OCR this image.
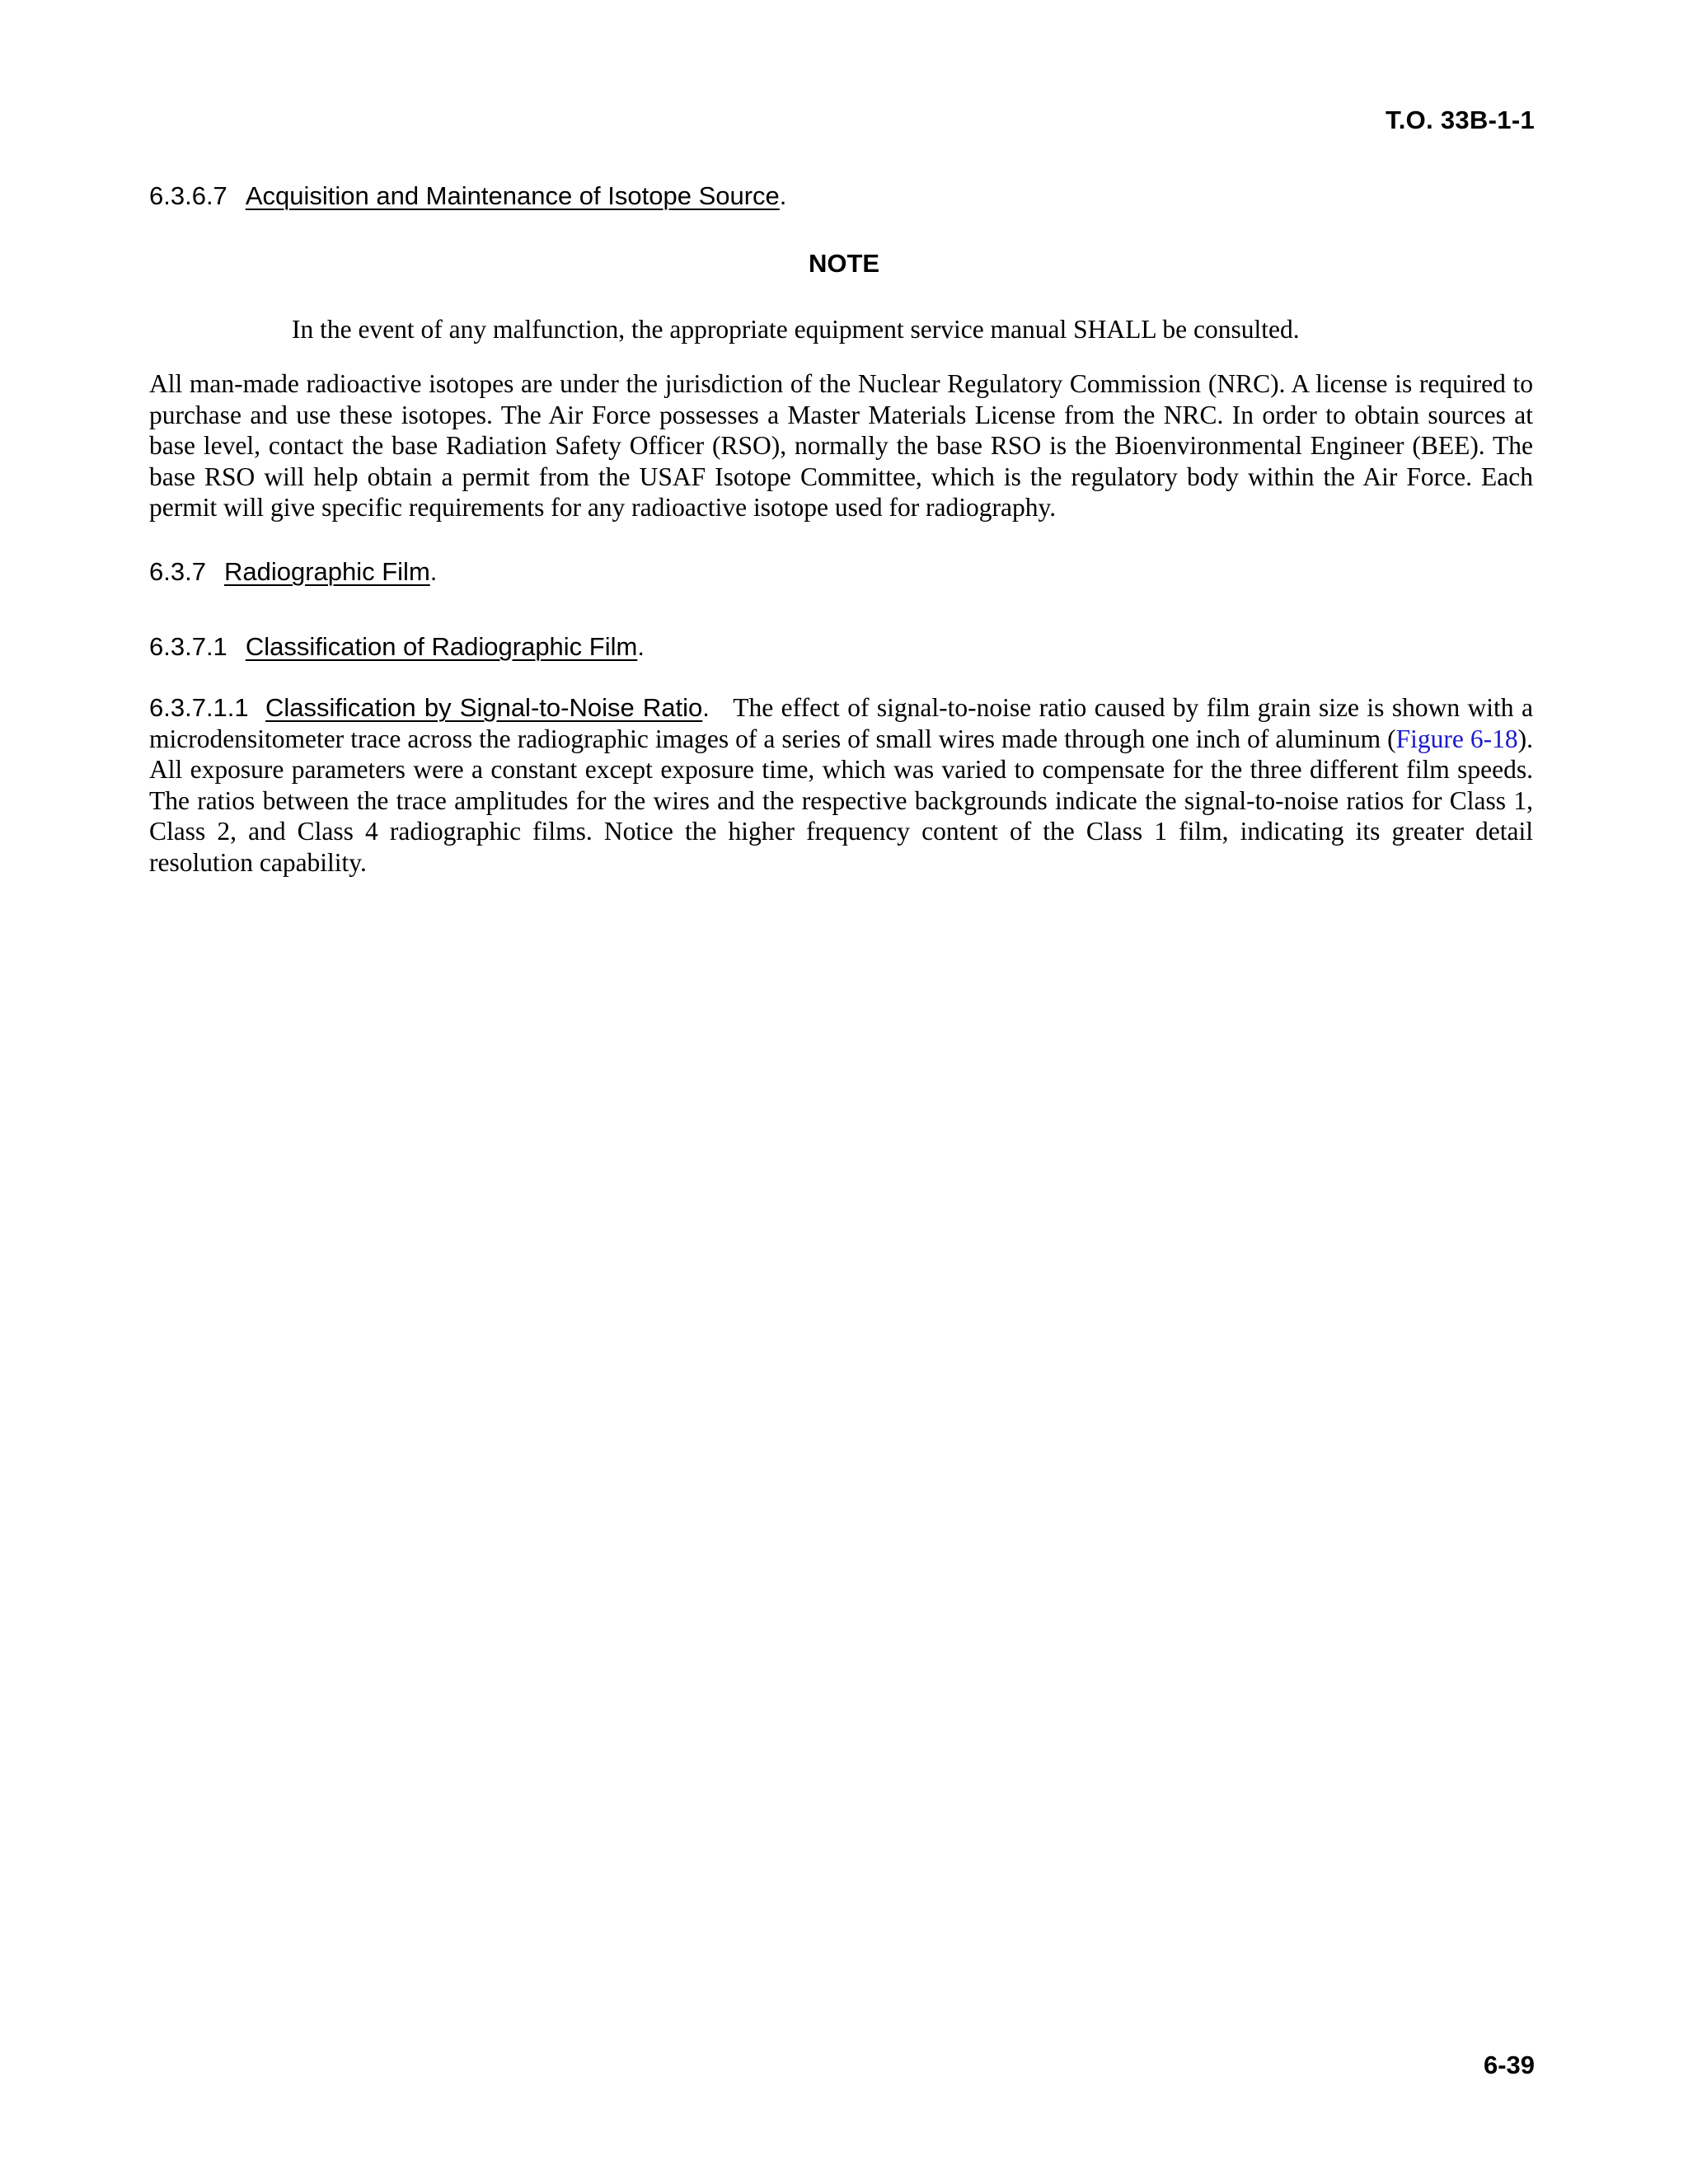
T.O. 33B-1-1
6.3.6.7 Acquisition and Maintenance of Isotope Source.
NOTE
In the event of any malfunction, the appropriate equipment service manual SHALL be consulted.
All man-made radioactive isotopes are under the jurisdiction of the Nuclear Regulatory Commission (NRC). A license is required to purchase and use these isotopes. The Air Force possesses a Master Materials License from the NRC. In order to obtain sources at base level, contact the base Radiation Safety Officer (RSO), normally the base RSO is the Bioenvironmental Engineer (BEE). The base RSO will help obtain a permit from the USAF Isotope Committee, which is the regulatory body within the Air Force. Each permit will give specific requirements for any radioactive isotope used for radiography.
6.3.7 Radiographic Film.
6.3.7.1 Classification of Radiographic Film.
6.3.7.1.1 Classification by Signal-to-Noise Ratio. The effect of signal-to-noise ratio caused by film grain size is shown with a microdensitometer trace across the radiographic images of a series of small wires made through one inch of aluminum (Figure 6-18). All exposure parameters were a constant except exposure time, which was varied to compensate for the three different film speeds. The ratios between the trace amplitudes for the wires and the respective backgrounds indicate the signal-to-noise ratios for Class 1, Class 2, and Class 4 radiographic films. Notice the higher frequency content of the Class 1 film, indicating its greater detail resolution capability.
6-39
